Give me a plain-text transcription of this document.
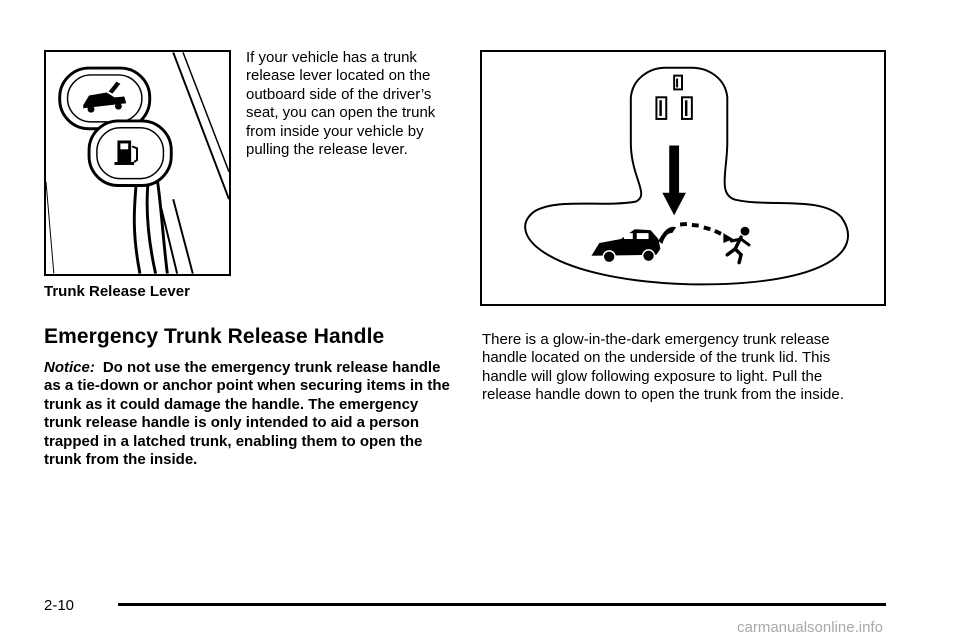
Trunk Release Lever
If your vehicle has a trunk release lever located on the outboard side of the driver’s seat, you can open the trunk from inside your vehicle by pulling the release lever.
Emergency Trunk Release Handle
Notice: Do not use the emergency trunk release handle as a tie-down or anchor point when securing items in the trunk as it could damage the handle. The emergency trunk release handle is only intended to aid a person trapped in a latched trunk, enabling them to open the trunk from the inside.
There is a glow-in-the-dark emergency trunk release handle located on the underside of the trunk lid. This handle will glow following exposure to light. Pull the release handle down to open the trunk from the inside.
2-10
carmanualsonline.info
